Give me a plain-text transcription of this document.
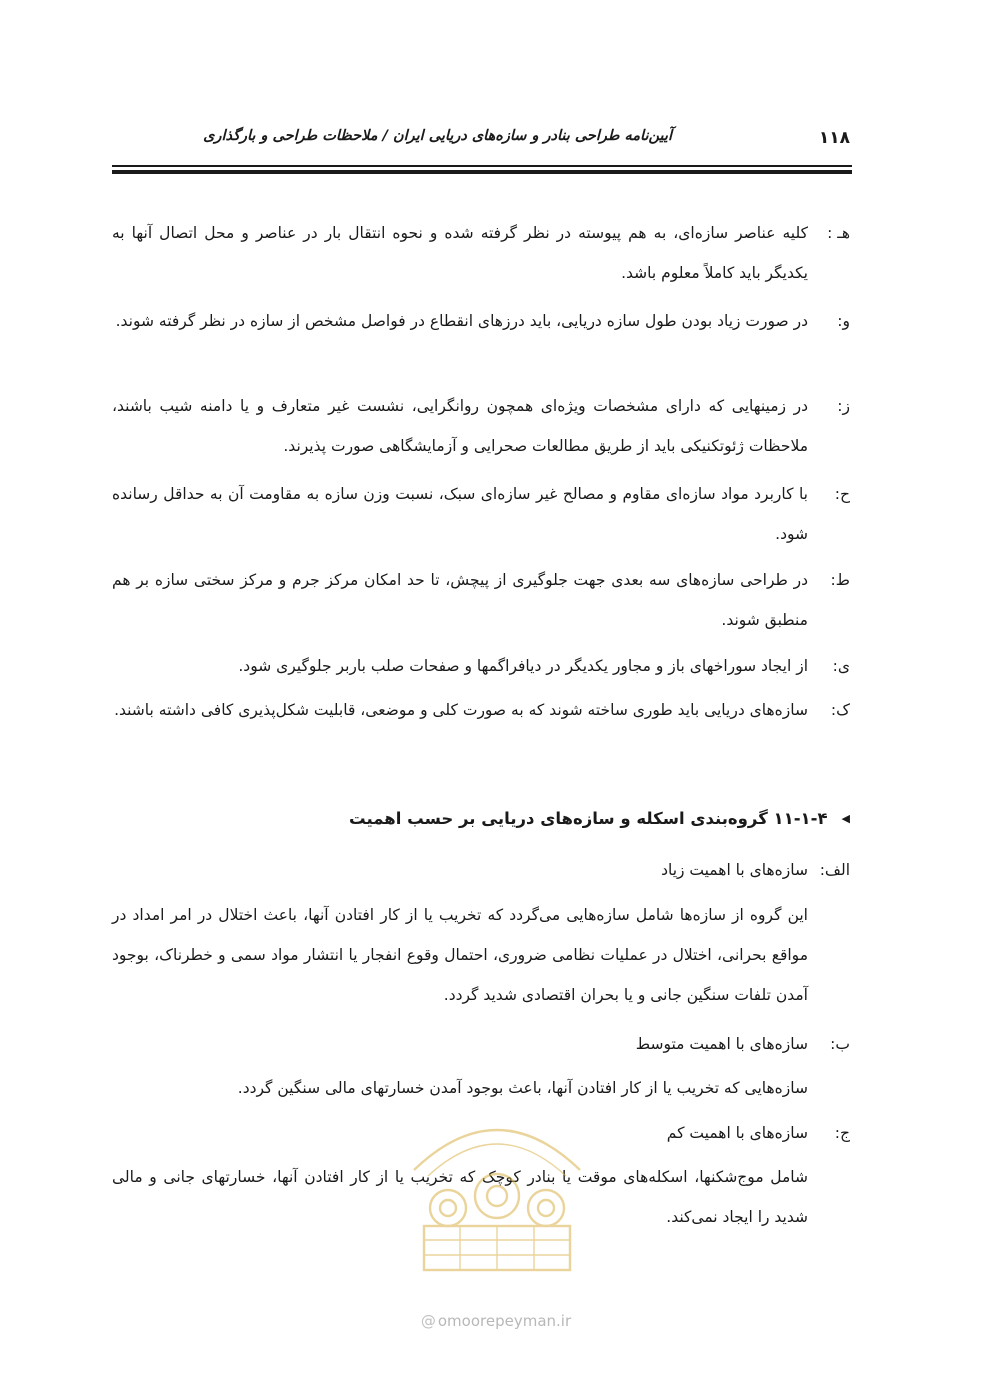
آیین‌نامه طراحی بنادر و سازه‌های دریایی ایران / ملاحظات طراحی و بارگذاری	۱۱۸
هـ :
کلیه عناصر سازه‌ای، به هم پیوسته در نظر گرفته شده و نحوه انتقال بار در عناصر و محل اتصال آنها به یکدیگر باید کاملاً معلوم باشد.
و:
در صورت زیاد بودن طول سازه دریایی، باید درزهای انقطاع در فواصل مشخص از سازه در نظر گرفته شوند.
ز:
در زمینهایی که دارای مشخصات ویژه‌ای همچون روانگرایی، نشست غیر متعارف و یا دامنه شیب باشند، ملاحظات ژئوتکنیکی باید از طریق مطالعات صحرایی و آزمایشگاهی صورت پذیرند.
ح:
با کاربرد مواد سازه‌ای مقاوم و مصالح غیر سازه‌ای سبک، نسبت وزن سازه به مقاومت آن به حداقل رسانده شود.
ط:
در طراحی سازه‌های سه بعدی جهت جلوگیری از پیچش، تا حد امکان مرکز جرم و مرکز سختی سازه بر هم منطبق شوند.
ی:
از ایجاد سوراخهای باز و مجاور یکدیگر در دیافراگمها و صفحات صلب باربر جلوگیری شود.
ک:
سازه‌های دریایی باید طوری ساخته شوند که به صورت کلی و موضعی، قابلیت شکل‌پذیری کافی داشته باشند.
◀۱۱-۱-۴ گروه‌بندی اسکله و سازه‌های دریایی بر حسب اهمیت
الف:
سازه‌های با اهمیت زیاد
این گروه از سازه‌ها شامل سازه‌هایی می‌گردد که تخریب یا از کار افتادن آنها، باعث اختلال در امر امداد در مواقع بحرانی، اختلال در عملیات نظامی ضروری، احتمال وقوع انفجار یا انتشار مواد سمی و خطرناک، بوجود آمدن تلفات سنگین جانی و یا بحران اقتصادی شدید گردد.
ب:
سازه‌های با اهمیت متوسط
سازه‌هایی که تخریب یا از کار افتادن آنها، باعث بوجود آمدن خسارتهای مالی سنگین گردد.
ج:
سازه‌های با اهمیت کم
شامل موج‌شکنها، اسکله‌های موقت یا بنادر کوچک که تخریب یا از کار افتادن آنها، خسارتهای جانی و مالی شدید را ایجاد نمی‌کند.
@ omoorepeyman.ir
